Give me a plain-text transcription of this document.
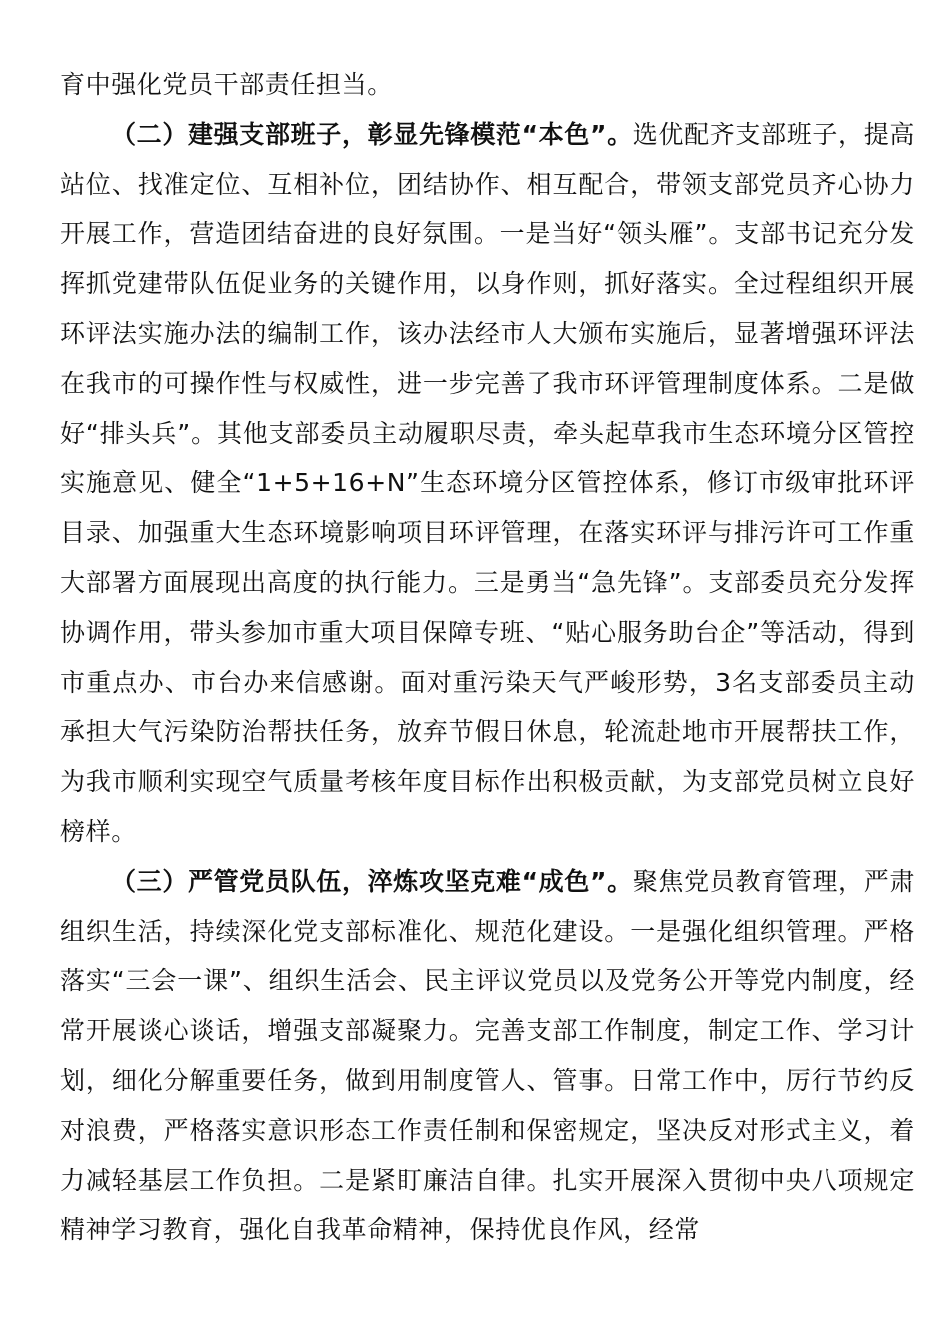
育中强化党员干部责任担当。

（二）建强支部班子，彰显先锋模范“本色”。选优配齐支部班子，提高站位、找准定位、互相补位，团结协作、相互配合，带领支部党员齐心协力开展工作，营造团结奋进的良好氛围。一是当好“领头雁”。支部书记充分发挥抓党建带队伍促业务的关键作用，以身作则，抓好落实。全过程组织开展环评法实施办法的编制工作，该办法经市人大颁布实施后，显著增强环评法在我市的可操作性与权威性，进一步完善了我市环评管理制度体系。二是做好“排头兵”。其他支部委员主动履职尽责，牵头起草我市生态环境分区管控实施意见、健全“1+5+16+N”生态环境分区管控体系，修订市级审批环评目录、加强重大生态环境影响项目环评管理，在落实环评与排污许可工作重大部署方面展现出高度的执行能力。三是勇当“急先锋”。支部委员充分发挥协调作用，带头参加市重大项目保障专班、“贴心服务助台企”等活动，得到市重点办、市台办来信感谢。面对重污染天气严峻形势，3名支部委员主动承担大气污染防治帮扶任务，放弃节假日休息，轮流赴地市开展帮扶工作，为我市顺利实现空气质量考核年度目标作出积极贡献，为支部党员树立良好榜样。

（三）严管党员队伍，淬炼攻坚克难“成色”。聚焦党员教育管理，严肃组织生活，持续深化党支部标准化、规范化建设。一是强化组织管理。严格落实“三会一课”、组织生活会、民主评议党员以及党务公开等党内制度，经常开展谈心谈话，增强支部凝聚力。完善支部工作制度，制定工作、学习计划，细化分解重要任务，做到用制度管人、管事。日常工作中，厉行节约反对浪费，严格落实意识形态工作责任制和保密规定，坚决反对形式主义，着力减轻基层工作负担。二是紧盯廉洁自律。扎实开展深入贯彻中央八项规定精神学习教育，强化自我革命精神，保持优良作风，经常
